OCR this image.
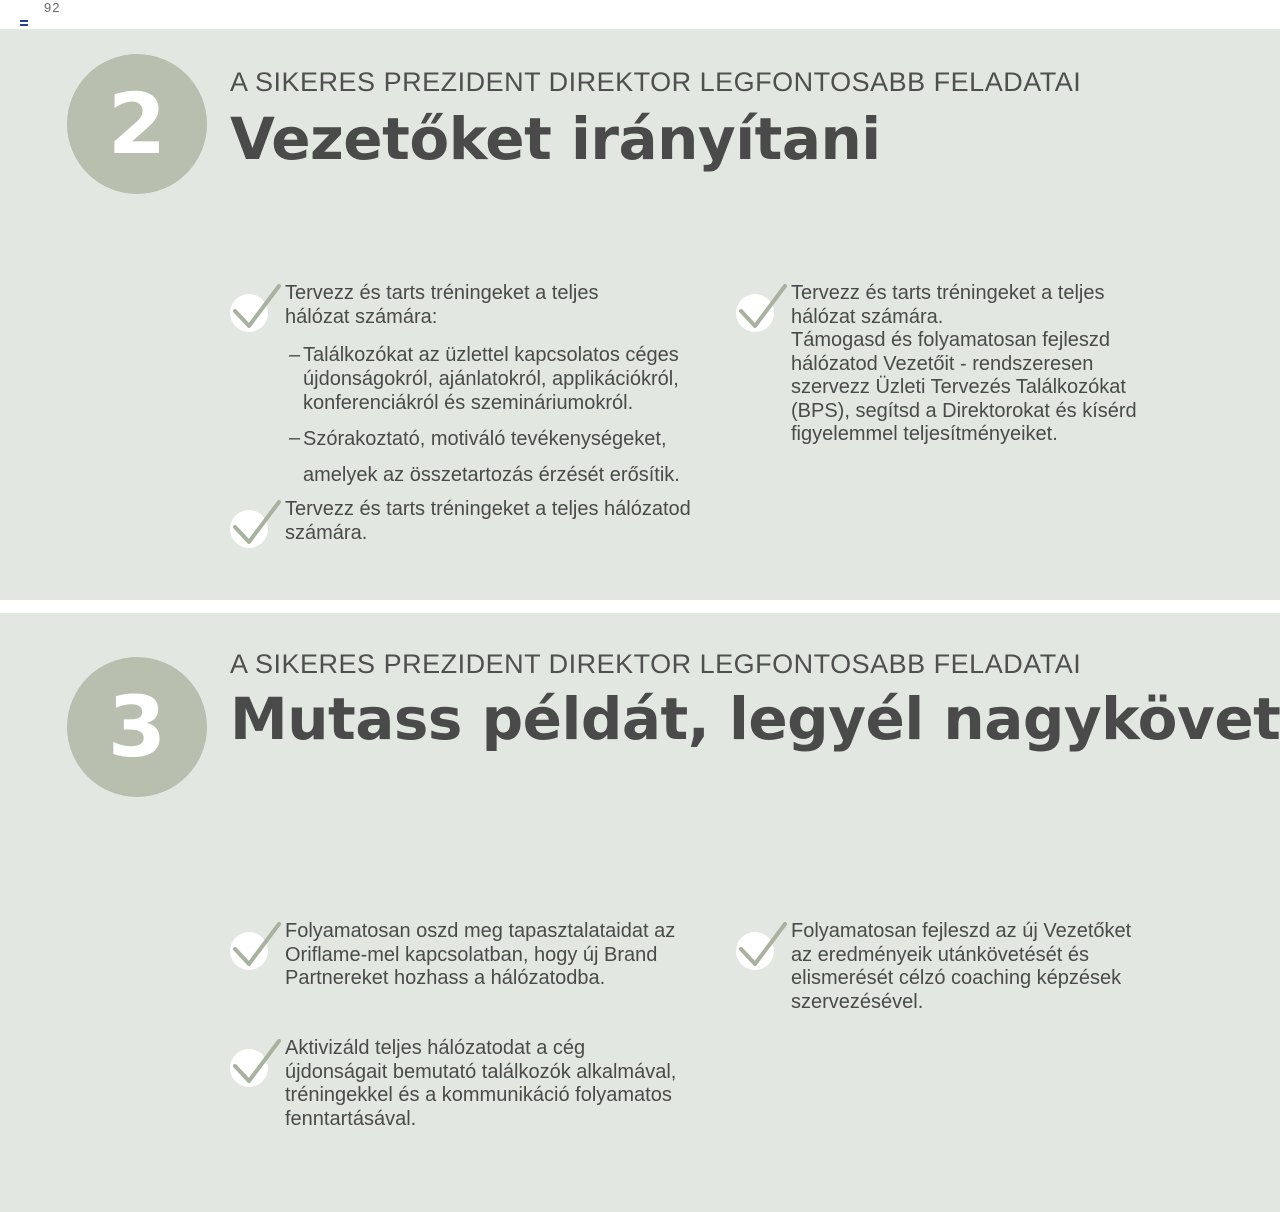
92
2	A SIKERES PREZIDENT DIREKTOR LEGFONTOSABB FELADATAI
Vezetőket irányítani
Tervezz és tarts tréningeket a teljes
hálózat számára:
– Találkozókat az üzlettel kapcsolatos céges
újdonságokról, ajánlatokról, applikációkról,
konferenciákról és szemináriumokról.
– Szórakoztató, motiváló tevékenységeket,
amelyek az összetartozás érzését erősítik.
Tervezz és tarts tréningeket a teljes hálózatod
számára.
Tervezz és tarts tréningeket a teljes
hálózat számára.
Támogasd és folyamatosan fejleszd
hálózatod Vezetőit - rendszeresen
szervezz Üzleti Tervezés Találkozókat
(BPS), segítsd a Direktorokat és kísérd
figyelemmel teljesítményeiket.
3
A SIKERES PREZIDENT DIREKTOR LEGFONTOSABB FELADATAI
Mutass példát, legyél nagykövet
Folyamatosan oszd meg tapasztalataidat az
Oriflame-mel kapcsolatban, hogy új Brand
Partnereket hozhass a hálózatodba.
Aktivizáld teljes hálózatodat a cég
újdonságait bemutató találkozók alkalmával,
tréningekkel és a kommunikáció folyamatos
fenntartásával.
Folyamatosan fejleszd az új Vezetőket
az eredményeik utánkövetését és
elismerését célzó coaching képzések
szervezésével.
